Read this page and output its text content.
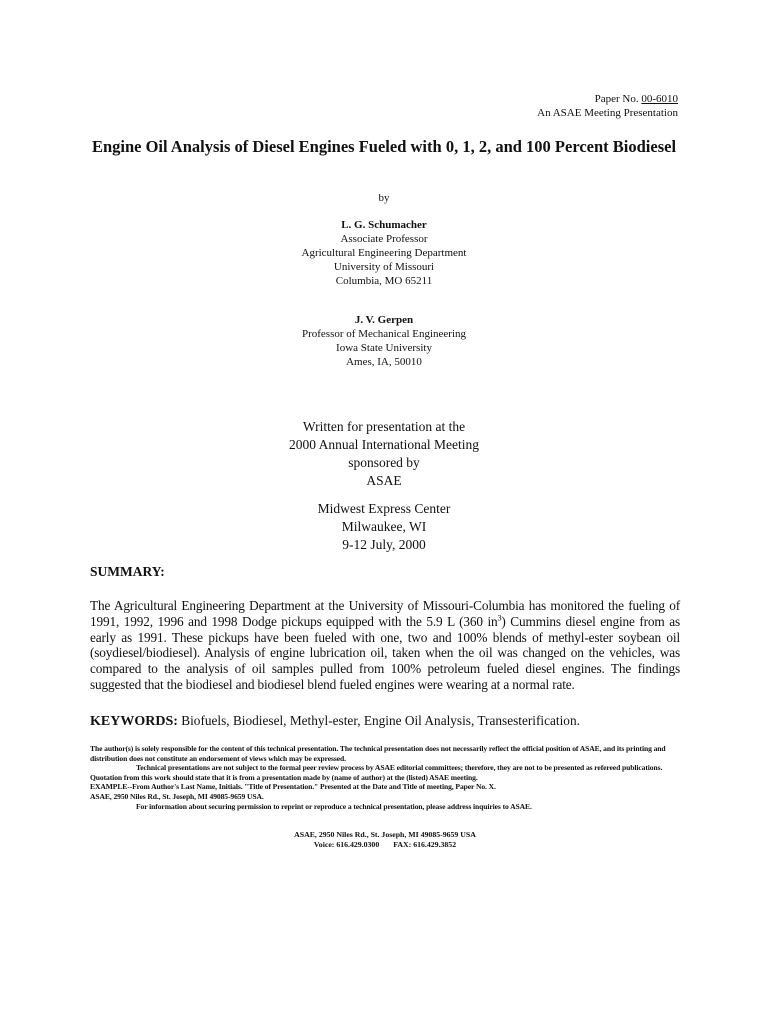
Paper No. 00-6010
An ASAE Meeting Presentation
Engine Oil Analysis of Diesel Engines Fueled with 0, 1, 2, and 100 Percent Biodiesel
by
L. G. Schumacher
Associate Professor
Agricultural Engineering Department
University of Missouri
Columbia, MO 65211
J. V. Gerpen
Professor of Mechanical Engineering
Iowa State University
Ames, IA, 50010
Written for presentation at the
2000 Annual International Meeting
sponsored by
ASAE
Midwest Express Center
Milwaukee, WI
9-12 July, 2000
SUMMARY:
The Agricultural Engineering Department at the University of Missouri-Columbia has monitored the fueling of 1991, 1992, 1996 and 1998 Dodge pickups equipped with the 5.9 L (360 $in^3$) Cummins diesel engine from as early as 1991. These pickups have been fueled with one, two and 100% blends of methyl-ester soybean oil (soydiesel/biodiesel). Analysis of engine lubrication oil, taken when the oil was changed on the vehicles, was compared to the analysis of oil samples pulled from 100% petroleum fueled diesel engines. The findings suggested that the biodiesel and biodiesel blend fueled engines were wearing at a normal rate.
KEYWORDS: Biofuels, Biodiesel, Methyl-ester, Engine Oil Analysis, Transesterification.
The author(s) is solely responsible for the content of this technical presentation. The technical presentation does not necessarily reflect the official position of ASAE, and its printing and distribution does not constitute an endorsement of views which may be expressed.
Technical presentations are not subject to the formal peer review process by ASAE editorial committees; therefore, they are not to be presented as refereed publications. Quotation from this work should state that it is from a presentation made by (name of author) at the (listed) ASAE meeting.
EXAMPLE--From Author's Last Name, Initials. "Title of Presentation." Presented at the Date and Title of meeting, Paper No. X.
ASAE, 2950 Niles Rd., St. Joseph, MI 49085-9659 USA.
For information about securing permission to reprint or reproduce a technical presentation, please address inquiries to ASAE.
ASAE, 2950 Niles Rd., St. Joseph, MI 49085-9659 USA
Voice: 616.429.0300 FAX: 616.429.3852
